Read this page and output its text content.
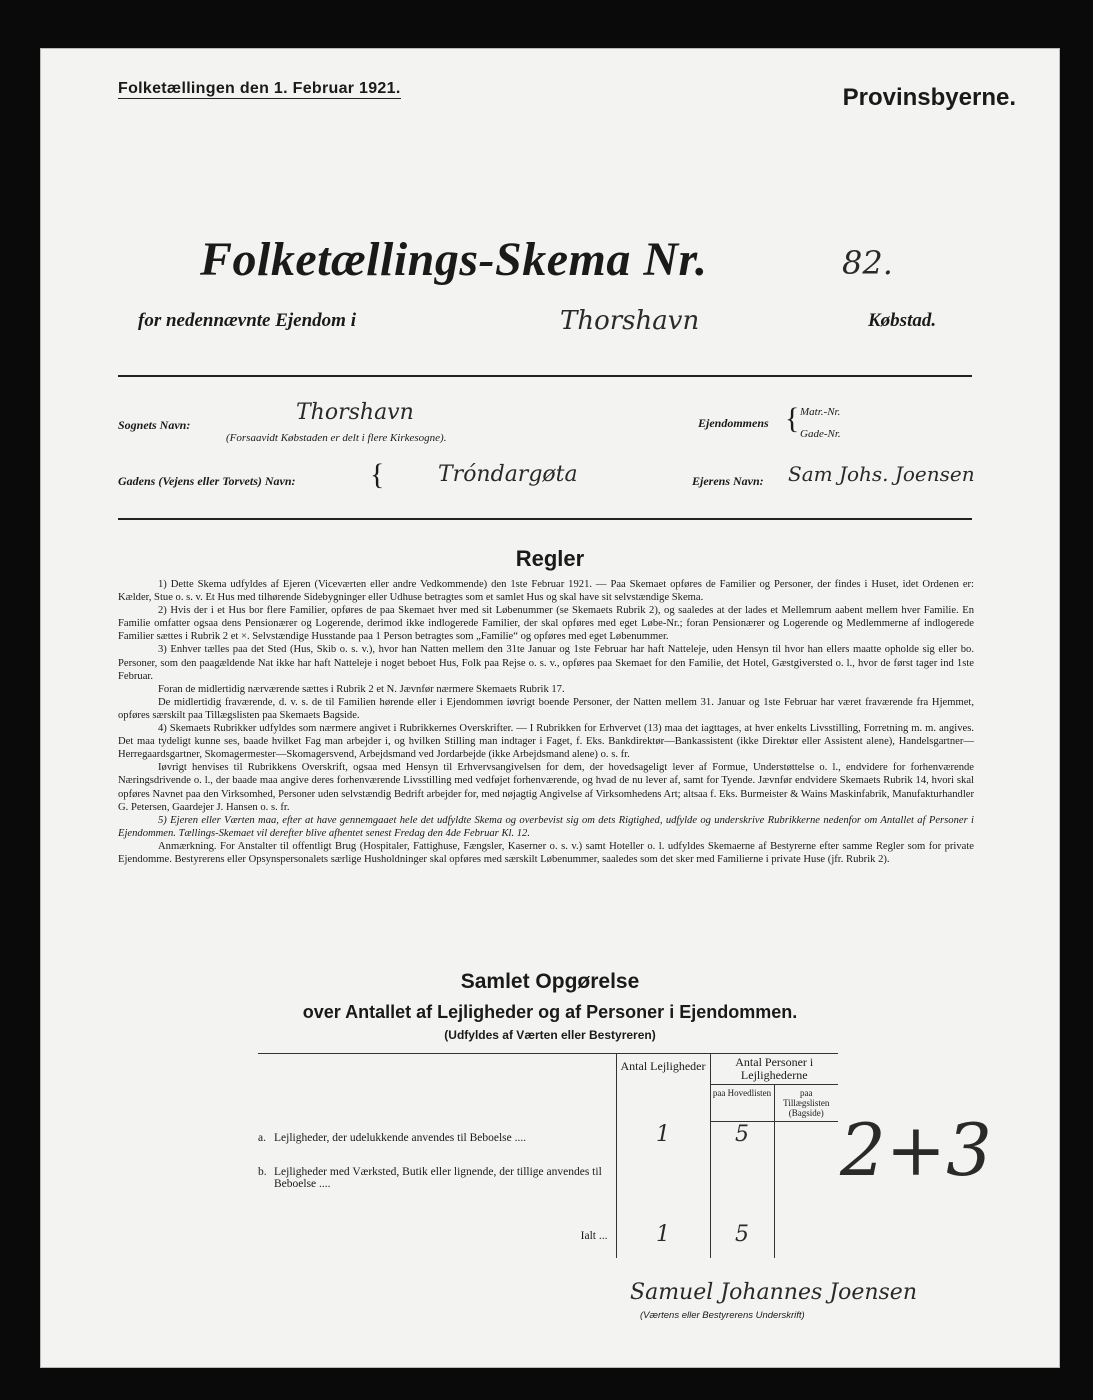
Folketællingen den 1. Februar 1921.	Provinsbyerne.
Folketællings-Skema Nr.	82.
for nedennævnte Ejendom i	Thorshavn	Købstad.
Sognets Navn:	Thorshavn
(Forsaavidt Købstaden er delt i flere Kirkesogne).
Ejendommens { Matr.-Nr.
Gade-Nr.
Gadens (Vejens eller Torvets) Navn: { Tróndargøta	Ejerens Navn: Sam Johs. Joensen
Regler

1) Dette Skema udfyldes af Ejeren (Viceværten eller andre Vedkommende) den 1ste Februar 1921. — Paa Skemaet opføres de Familier og Personer, der findes i Huset, idet Ordenen er: Kælder, Stue o. s. v. Et Hus med tilhørende Sidebygninger eller Udhuse betragtes som et samlet Hus og skal have sit selvstændige Skema.

2) Hvis der i et Hus bor flere Familier, opføres de paa Skemaet hver med sit Løbenummer (se Skemaets Rubrik 2), og saaledes at der lades et Mellemrum aabent mellem hver Familie. En Familie omfatter ogsaa dens Pensionærer og Logerende, derimod ikke indlogerede Familier, der skal opføres med eget Løbe-Nr.; foran Pensionærer og Logerende og Medlemmerne af indlogerede Familier sættes i Rubrik 2 et ×. Selvstændige Husstande paa 1 Person betragtes som „Familie“ og opføres med eget Løbenummer.

3) Enhver tælles paa det Sted (Hus, Skib o. s. v.), hvor han Natten mellem den 31te Januar og 1ste Februar har haft Natteleje, uden Hensyn til hvor han ellers maatte opholde sig eller bo. Personer, som den paagældende Nat ikke har haft Natteleje i noget beboet Hus, Folk paa Rejse o. s. v., opføres paa Skemaet for den Familie, det Hotel, Gæstgiversted o. l., hvor de først tager ind 1ste Februar.

Foran de midlertidig nærværende sættes i Rubrik 2 et N. Jævnfør nærmere Skemaets Rubrik 17.

De midlertidig fraværende, d. v. s. de til Familien hørende eller i Ejendommen iøvrigt boende Personer, der Natten mellem 31. Januar og 1ste Februar har været fraværende fra Hjemmet, opføres særskilt paa Tillægslisten paa Skemaets Bagside.

4) Skemaets Rubrikker udfyldes som nærmere angivet i Rubrikkernes Overskrifter. — I Rubrikken for Erhvervet (13) maa det iagttages, at hver enkelts Livsstilling, Forretning m. m. angives. Det maa tydeligt kunne ses, baade hvilket Fag man arbejder i, og hvilken Stilling man indtager i Faget, f. Eks. Bankdirektør—Bankassistent (ikke Direktør eller Assistent alene), Handelsgartner—Herregaardsgartner, Skomagermester—Skomagersvend, Arbejdsmand ved Jordarbejde (ikke Arbejdsmand alene) o. s. fr.

Iøvrigt henvises til Rubrikkens Overskrift, ogsaa med Hensyn til Erhvervsangivelsen for dem, der hovedsageligt lever af Formue, Understøttelse o. l., endvidere for forhenværende Næringsdrivende o. l., der baade maa angive deres forhenværende Livsstilling med vedføjet forhenværende, og hvad de nu lever af, samt for Tyende. Jævnfør endvidere Skemaets Rubrik 14, hvori skal opføres Navnet paa den Virksomhed, Personer uden selvstændig Bedrift arbejder for, med nøjagtig Angivelse af Virksomhedens Art; altsaa f. Eks. Burmeister & Wains Maskinfabrik, Manufakturhandler G. Petersen, Gaardejer J. Hansen o. s. fr.

5) Ejeren eller Værten maa, efter at have gennemgaaet hele det udfyldte Skema og overbevist sig om dets Rigtighed, udfylde og underskrive Rubrikkerne nedenfor om Antallet af Personer i Ejendommen. Tællings-Skemaet vil derefter blive afhentet senest Fredag den 4de Februar Kl. 12.

Anmærkning. For Anstalter til offentligt Brug (Hospitaler, Fattighuse, Fængsler, Kaserner o. s. v.) samt Hoteller o. l. udfyldes Skemaerne af Bestyrerne efter samme Regler som for private Ejendomme. Bestyrerens eller Opsynspersonalets særlige Husholdninger skal opføres med særskilt Løbenummer, saaledes som det sker med Familierne i private Huse (jfr. Rubrik 2).

Samlet Opgørelse
over Antallet af Lejligheder og af Personer i Ejendommen.
(Udfyldes af Værten eller Bestyreren)
	Antal Lejligheder	Antal Personer i Lejlighederne	
		paa Hovedlisten	paa Tillægslisten (Bagside)
a. Lejligheder, der udelukkende anvendes til Beboelse ....	1	5	

b. Lejligheder med Værksted, Butik eller lignende, der tillige anvendes til Beboelse ....			

Ialt ...	1	5	
2+3
Samuel Johannes Joensen
(Værtens eller Bestyrerens Underskrift)
